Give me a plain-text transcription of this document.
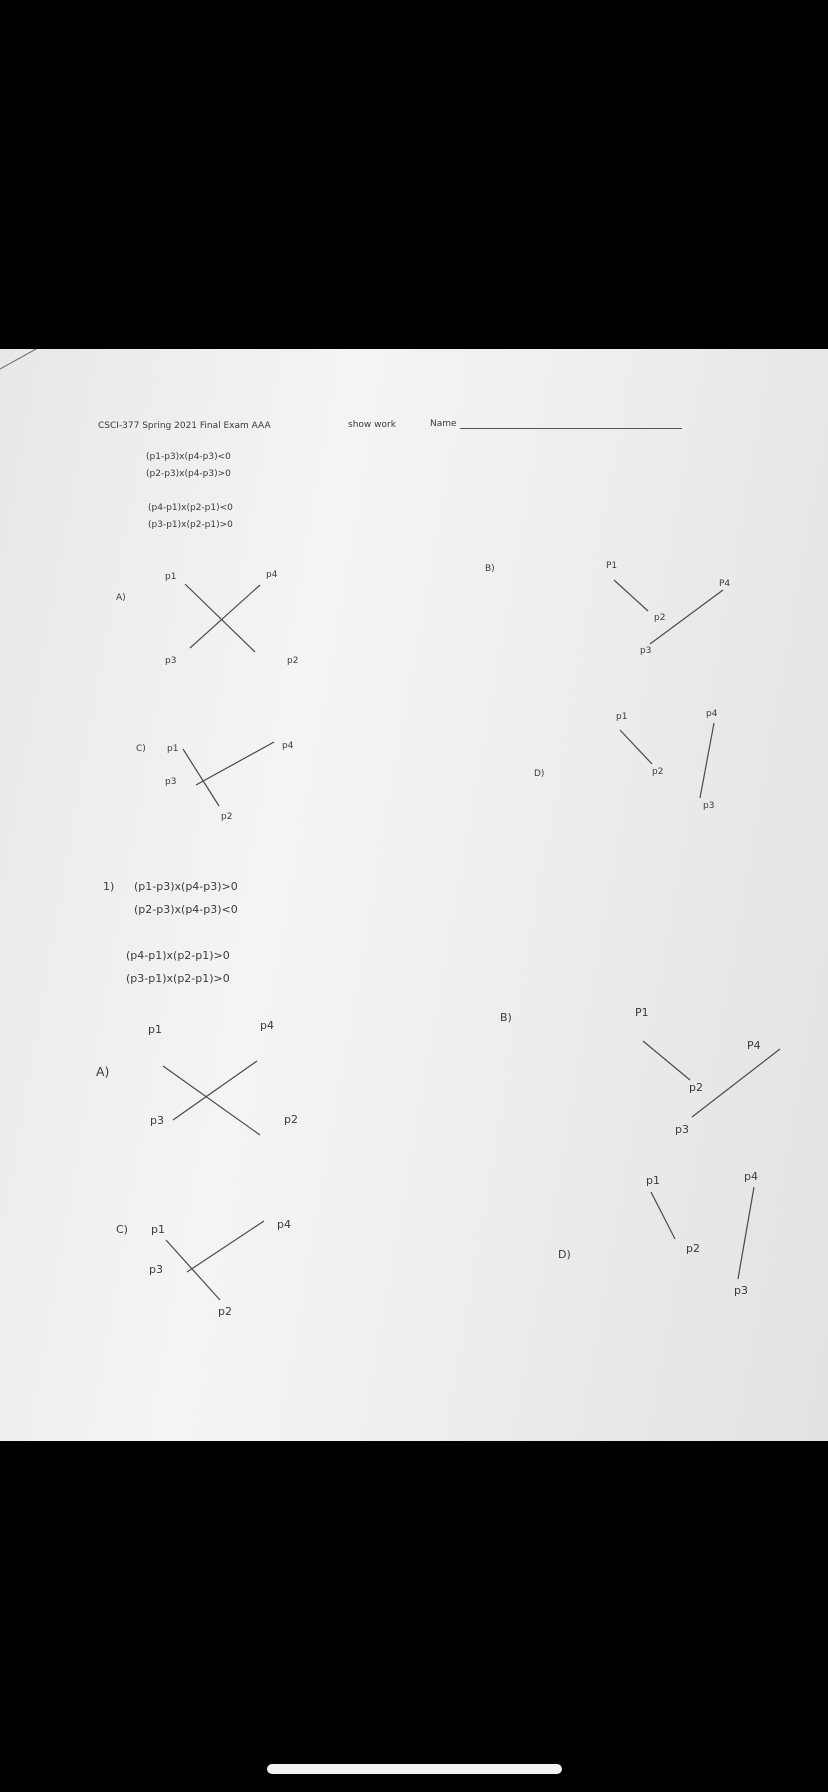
CSCI-377 Spring 2021 Final Exam AAA	show work	Name
(p1-p3)x(p4-p3)<0
(p2-p3)x(p4-p3)>0
(p4-p1)x(p2-p1)<0
(p3-p1)x(p2-p1)>0
A)
p1	p4
p3	p2
B)	P1
P4
p2
p3
C) p1	p4
p3
p2
D)
p1	p4
p2
p3
1) (p1-p3)x(p4-p3)>0
(p2-p3)x(p4-p3)<0
(p4-p1)x(p2-p1)>0
(p3-p1)x(p2-p1)>0
A)
p1	p4
p3	p2
B)	P1
P4
p2
p3
C) p1	p4
p3
p2
D)
p1	p4
p2
p3
